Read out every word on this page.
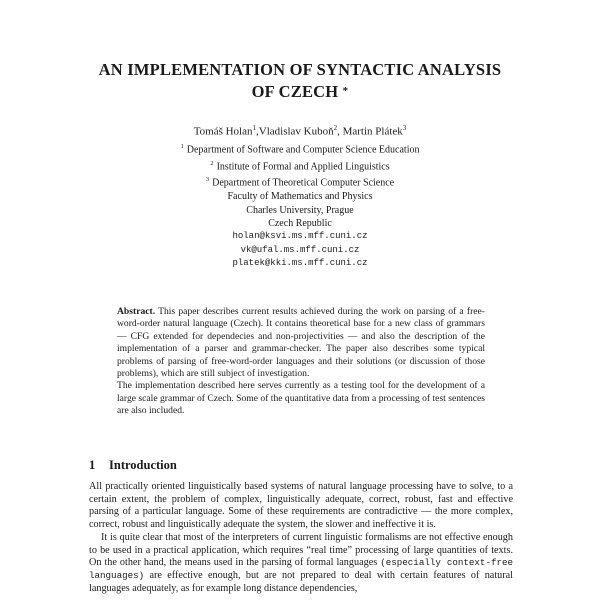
AN IMPLEMENTATION OF SYNTACTIC ANALYSIS
OF CZECH *
Tomáš Holan$^1$,Vladislav Kuboň$^2$, Martin Plátek$^3$
$^1$ Department of Software and Computer Science Education
$^2$ Institute of Formal and Applied Linguistics
$^3$ Department of Theoretical Computer Science
Faculty of Mathematics and Physics
Charles University, Prague
Czech Republic
holan@ksvi.ms.mff.cuni.cz
vk@ufal.ms.mff.cuni.cz
platek@kki.ms.mff.cuni.cz

Abstract. This paper describes current results achieved during the work on parsing of a free-word-order natural language (Czech). It contains theoretical base for a new class of grammars — CFG extended for dependecies and non-projectivities — and also the description of the implementation of a parser and grammar-checker. The paper also describes some typical problems of parsing of free-word-order languages and their solutions (or discussion of those problems), which are still subject of investigation.

The implementation described here serves currently as a testing tool for the development of a large scale grammar of Czech. Some of the quantitative data from a processing of test sentences are also included.

1 Introduction

All practically oriented linguistically based systems of natural language processing have to solve, to a certain extent, the problem of complex, linguistically adequate, correct, robust, fast and effective parsing of a particular language. Some of these requirements are contradictive — the more complex, correct, robust and linguistically adequate the system, the slower and ineffective it is.

It is quite clear that most of the interpreters of current linguistic formalisms are not effective enough to be used in a practical application, which requires “real time” processing of large quantities of texts. On the other hand, the means used in the parsing of formal languages (especially context-free languages) are effective enough, but are not prepared to deal with certain features of natural languages adequately, as for example long distance dependencies,
